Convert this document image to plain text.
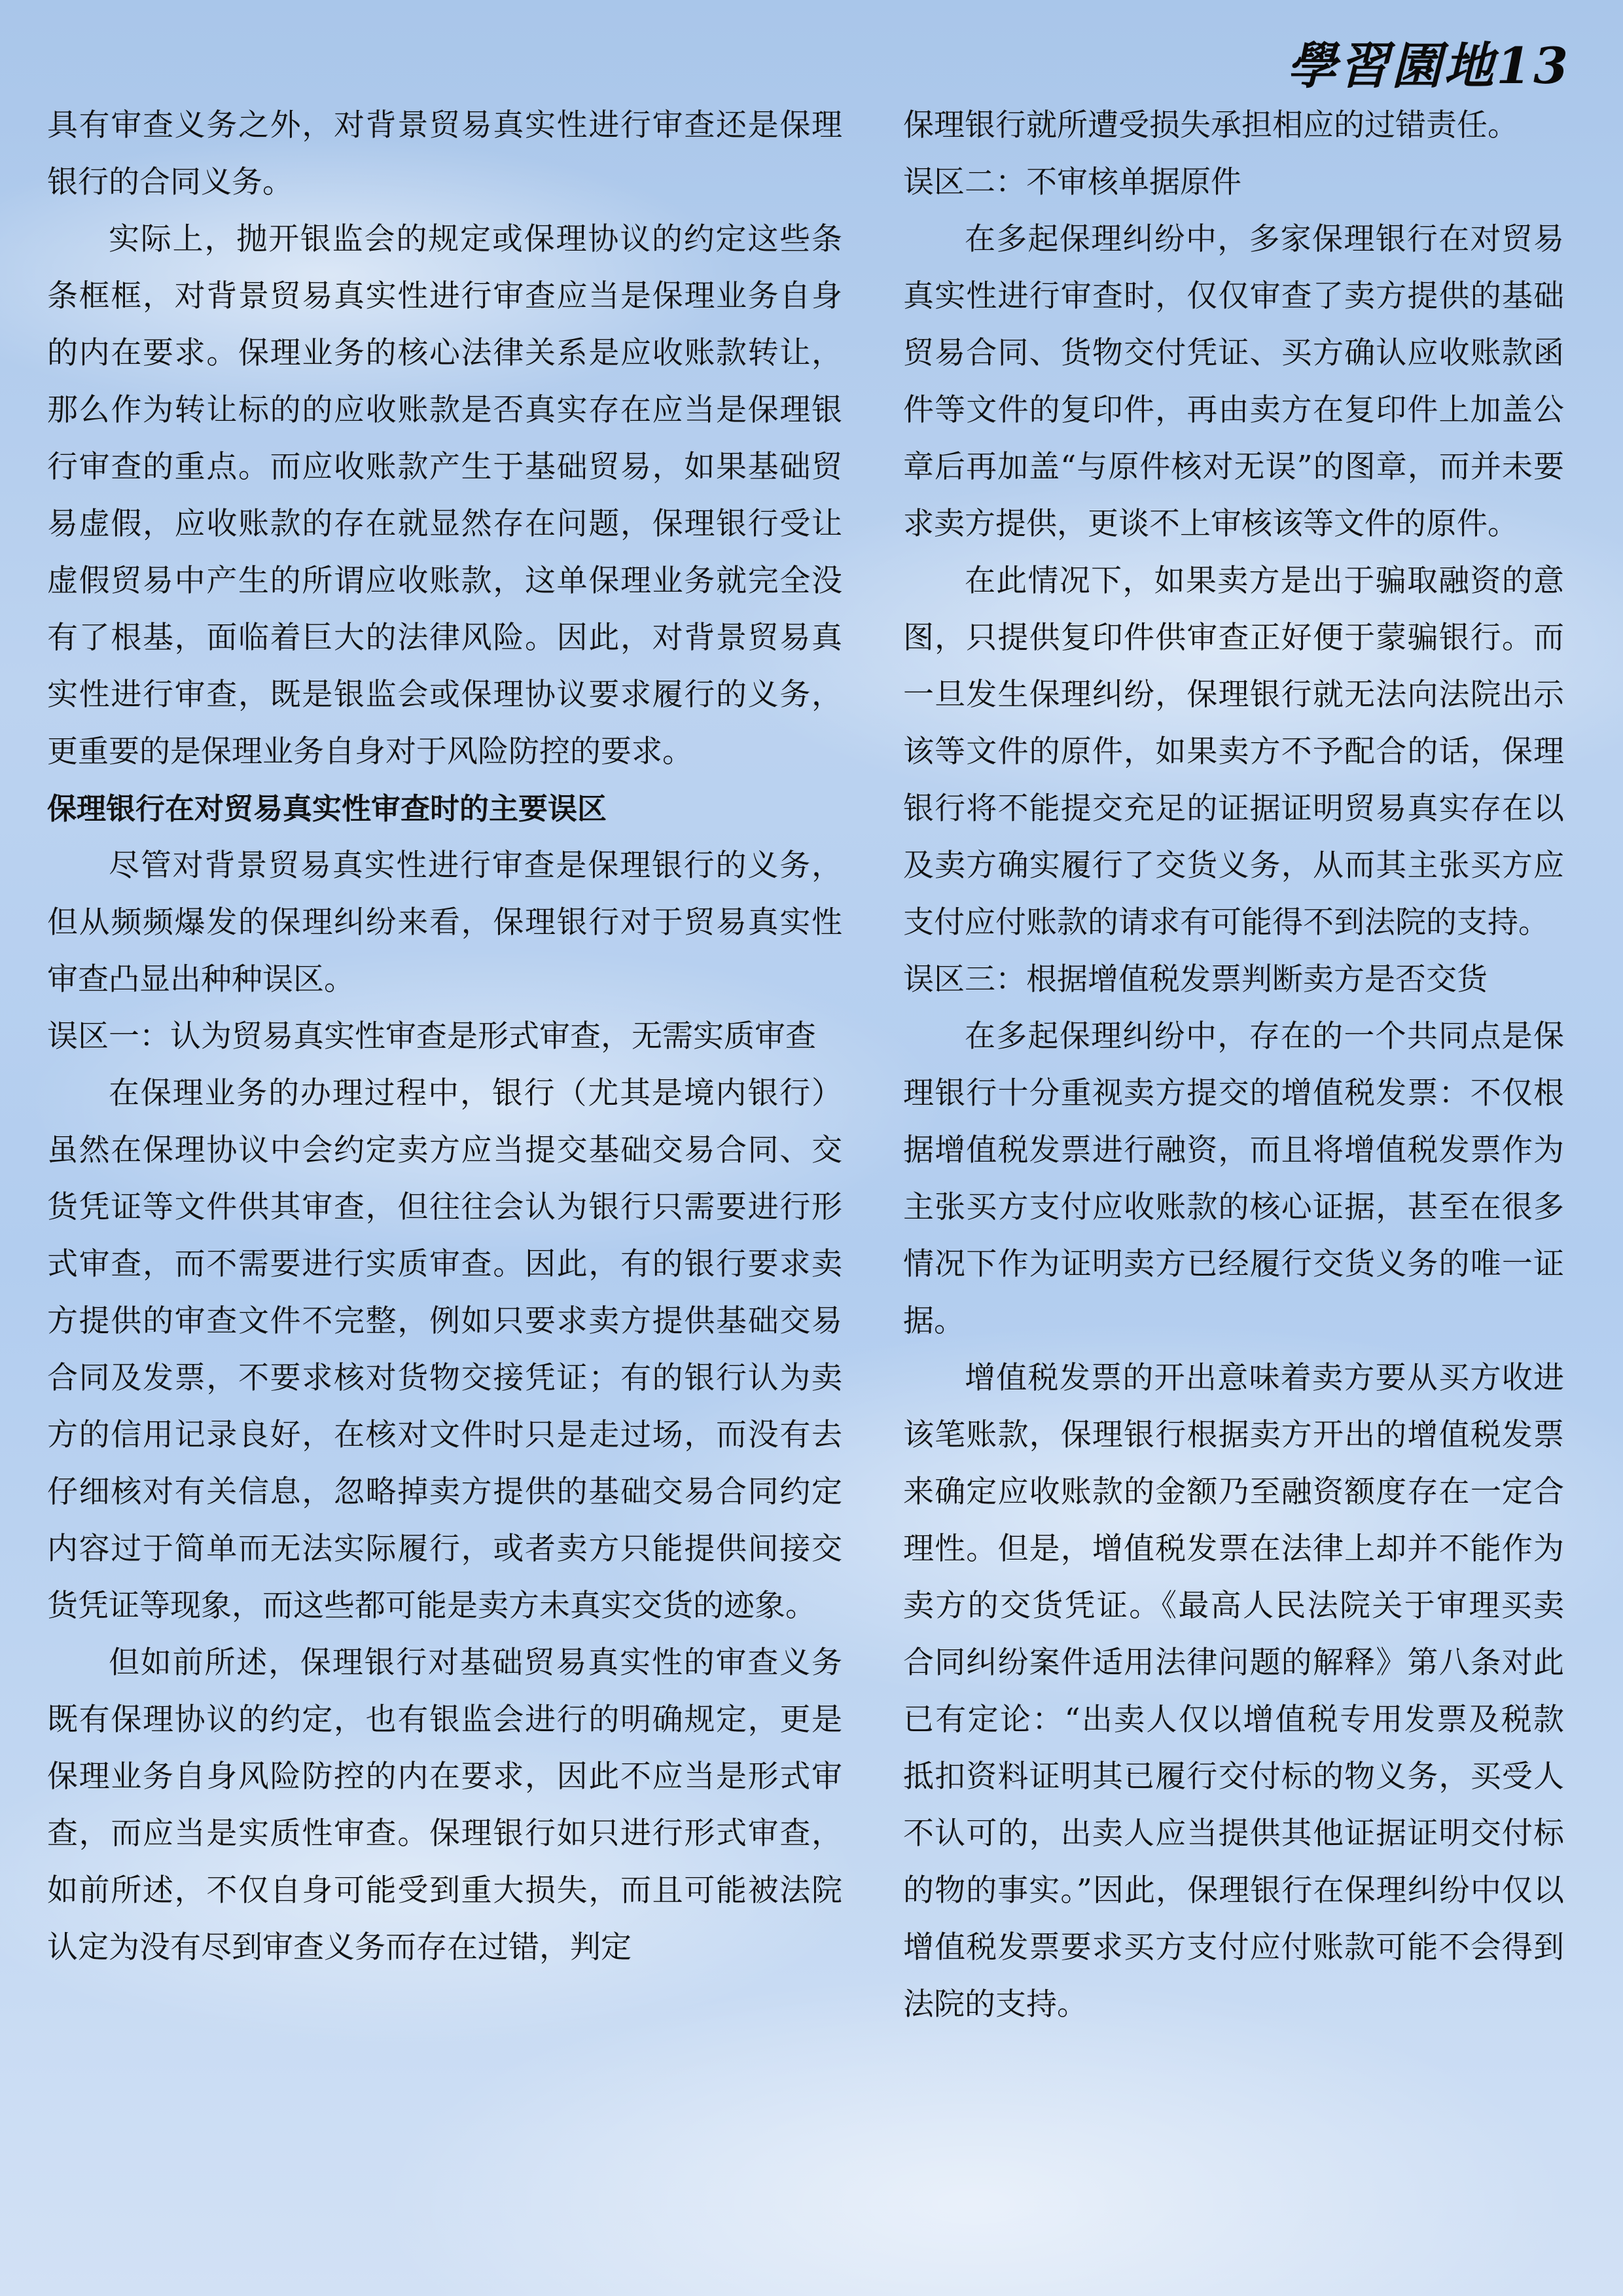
學習園地13

具有审查义务之外，对背景贸易真实性进行审查还是保理银行的合同义务。

实际上，抛开银监会的规定或保理协议的约定这些条条框框，对背景贸易真实性进行审查应当是保理业务自身的内在要求。保理业务的核心法律关系是应收账款转让，那么作为转让标的的应收账款是否真实存在应当是保理银行审查的重点。而应收账款产生于基础贸易，如果基础贸易虚假，应收账款的存在就显然存在问题，保理银行受让虚假贸易中产生的所谓应收账款，这单保理业务就完全没有了根基，面临着巨大的法律风险。因此，对背景贸易真实性进行审查，既是银监会或保理协议要求履行的义务，更重要的是保理业务自身对于风险防控的要求。

保理银行在对贸易真实性审查时的主要误区

尽管对背景贸易真实性进行审查是保理银行的义务，但从频频爆发的保理纠纷来看，保理银行对于贸易真实性审查凸显出种种误区。

误区一：认为贸易真实性审查是形式审查，无需实质审查

在保理业务的办理过程中，银行（尤其是境内银行）虽然在保理协议中会约定卖方应当提交基础交易合同、交货凭证等文件供其审查，但往往会认为银行只需要进行形式审查，而不需要进行实质审查。因此，有的银行要求卖方提供的审查文件不完整，例如只要求卖方提供基础交易合同及发票，不要求核对货物交接凭证；有的银行认为卖方的信用记录良好，在核对文件时只是走过场，而没有去仔细核对有关信息，忽略掉卖方提供的基础交易合同约定内容过于简单而无法实际履行，或者卖方只能提供间接交货凭证等现象，而这些都可能是卖方未真实交货的迹象。

但如前所述，保理银行对基础贸易真实性的审查义务既有保理协议的约定，也有银监会进行的明确规定，更是保理业务自身风险防控的内在要求，因此不应当是形式审查，而应当是实质性审查。保理银行如只进行形式审查，如前所述，不仅自身可能受到重大损失，而且可能被法院认定为没有尽到审查义务而存在过错，判定

保理银行就所遭受损失承担相应的过错责任。

误区二：不审核单据原件

在多起保理纠纷中，多家保理银行在对贸易真实性进行审查时，仅仅审查了卖方提供的基础贸易合同、货物交付凭证、买方确认应收账款函件等文件的复印件，再由卖方在复印件上加盖公章后再加盖“与原件核对无误”的图章，而并未要求卖方提供，更谈不上审核该等文件的原件。

在此情况下，如果卖方是出于骗取融资的意图，只提供复印件供审查正好便于蒙骗银行。而一旦发生保理纠纷，保理银行就无法向法院出示该等文件的原件，如果卖方不予配合的话，保理银行将不能提交充足的证据证明贸易真实存在以及卖方确实履行了交货义务，从而其主张买方应支付应付账款的请求有可能得不到法院的支持。

误区三：根据增值税发票判断卖方是否交货

在多起保理纠纷中，存在的一个共同点是保理银行十分重视卖方提交的增值税发票：不仅根据增值税发票进行融资，而且将增值税发票作为主张买方支付应收账款的核心证据，甚至在很多情况下作为证明卖方已经履行交货义务的唯一证据。

增值税发票的开出意味着卖方要从买方收进该笔账款，保理银行根据卖方开出的增值税发票来确定应收账款的金额乃至融资额度存在一定合理性。但是，增值税发票在法律上却并不能作为卖方的交货凭证。《最高人民法院关于审理买卖合同纠纷案件适用法律问题的解释》第八条对此已有定论：“出卖人仅以增值税专用发票及税款抵扣资料证明其已履行交付标的物义务，买受人不认可的，出卖人应当提供其他证据证明交付标的物的事实。”因此，保理银行在保理纠纷中仅以增值税发票要求买方支付应付账款可能不会得到法院的支持。
